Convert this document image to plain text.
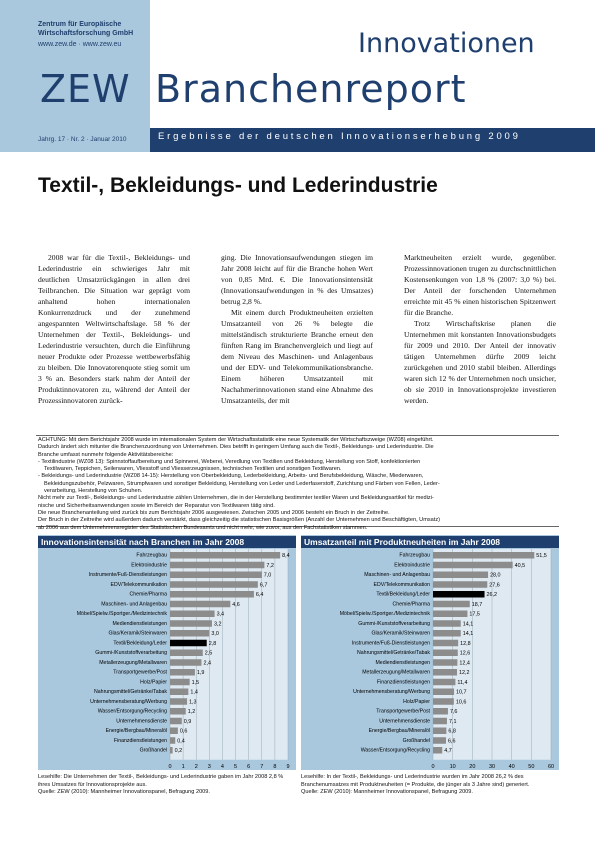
Zentrum für Europäische
Wirtschaftsforschung GmbH
www.zew.de · www.zew.eu
ZEW
Innovationen
Branchenreport
Ergebnisse der deutschen Innovationserhebung 2009
Jahrg. 17 · Nr. 2 · Januar 2010
Textil-, Bekleidungs- und Lederindustrie
2008 war für die Textil-, Bekleidungs- und Lederindustrie ein schwieriges Jahr mit deutlichen Umsatzrückgängen in allen drei Teilbranchen. Die Situation war geprägt vom anhaltend hohen internationalen Konkurrenzdruck und der zunehmend angespannten Weltwirtschaftslage. 58 % der Unternehmen der Textil-, Bekleidungs- und Lederindustrie versuchten, durch die Einführung neuer Produkte oder Prozesse wettbewerbsfähig zu bleiben. Die Innovatorenquote stieg somit um 3 % an. Besonders stark nahm der Anteil der Produktinnovatoren zu, während der Anteil der Prozessinnovatoren zurück-

ging. Die Innovationsaufwendungen stiegen im Jahr 2008 leicht auf für die Branche hohen Wert von 0,85 Mrd. €. Die Innovationsintensität (Innovationsaufwendungen in % des Umsatzes) betrug 2,8 %.

Mit einem durch Produktneuheiten erzielten Umsatzanteil von 26 % belegte die mittelständisch strukturierte Branche erneut den fünften Rang im Branchenvergleich und liegt auf dem Niveau des Maschinen- und Anlagenbaus und der EDV- und Telekommunikationsbranche. Einem höheren Umsatzanteil mit Nachahmerinnovationen stand eine Abnahme des Umsatzanteils, der mit

Marktneuheiten erzielt wurde, gegenüber. Prozessinnovationen trugen zu durchschnittlichen Kostensenkungen von 1,8 % (2007: 3,0 %) bei. Der Anteil der forschenden Unternehmen erreichte mit 45 % einen historischen Spitzenwert für die Branche.

Trotz Wirtschaftskrise planen die Unternehmen mit konstanten Innovationsbudgets für 2009 und 2010. Der Anteil der innovativ tätigen Unternehmen dürfte 2009 leicht zurückgehen und 2010 stabil bleiben. Allerdings waren sich 12 % der Unternehmen noch unsicher, ob sie 2010 in Innovationsprojekte investieren werden.

ACHTUNG: Mit dem Berichtsjahr 2008 wurde im internationalen System der Wirtschaftsstatistik eine neue Systematik der Wirtschaftszweige (WZ08) eingeführt.
Dadurch ändert sich mitunter die Branchenzuordnung von Unternehmen. Dies betrifft in geringem Umfang auch die Textil-, Bekleidungs- und Lederindustrie. Die
Branche umfasst nunmehr folgende Aktivitätsbereiche:
- Textilindustrie (WZ08 13): Spinnstoffaufbereitung und Spinnerei, Weberei, Veredlung von Textilien und Bekleidung, Herstellung von Stoff, konfektionierten
Textilwaren, Teppichen, Seilerwaren, Vliesstoff und Vliesserzeugnissen, technischen Textilien und sonstigen Textilwaren.
- Bekleidungs- und Lederindustrie (WZ08 14-15): Herstellung von Oberbekleidung, Lederbekleidung, Arbeits- und Berufsbekleidung, Wäsche, Miederwaren,
Bekleidungszubehör, Pelzwaren, Strumpfwaren und sonstiger Bekleidung, Herstellung von Leder und Lederfaserstoff, Zurichtung und Färben von Fellen, Leder-
verarbeitung, Herstellung von Schuhen.
Nicht mehr zur Textil-, Bekleidungs- und Lederindustrie zählen Unternehmen, die in der Herstellung bestimmter textiler Waren und Bekleidungsartikel für medizi-
nische und Sicherheitsanwendungen sowie im Bereich der Reparatur von Textilwaren tätig sind.
Die neue Branchenanteilung wird zurück bis zum Berichtsjahr 2006 ausgewiesen. Zwischen 2005 und 2006 besteht ein Bruch in der Zeitreihe.
Der Bruch in der Zeitreihe wird außerdem dadurch verstärkt, dass gleichzeitig die statistischen Basisgrößen (Anzahl der Unternehmen und Beschäftigten, Umsatz)
ab 2006 aus dem Unternehmensregister des Statistischen Bundesamts und nicht mehr, wie zuvor, aus den Fachstatistiken stammen.
0 1 2 3 4 5 6 7 8 9
Fahrzeugbau	8,4
Elektroindustrie	7,2
Instrumente/Fuß-Dienstleistungen	7,0
EDV/Telekommunikation	6,7
Chemie/Pharma	6,4
Maschinen- und Anlagenbau	4,6
Möbel/Spielw./Sportger./Medizintechnik	3,4
Mediendienstleistungen	3,2
Glas/Keramik/Steinwaren	3,0
Textil/Bekleidung/Leder	2,8
Gummi-/Kunststoffverarbeitung	2,5
Metallerzeugung/Metallwaren	2,4
Transportgewerbe/Post	1,9
Holz/Papier	1,5
Nahrungsmittel/Getränke/Tabak	1,4
Unternehmensberatung/Werbung	1,3
Wasser/Entsorgung/Recycling	1,2
Unternehmensdienste	0,9
Energie/Bergbau/Mineralöl 0,6
Finanzdienstleistungen 0,4
Großhandel 0,2
0	10 20 30 40 50 60
Fahrzeugbau	51,5
Elektroindustrie	40,5
Maschinen- und Anlagenbau	28,0
EDV/Telekommunikation	27,6
Textil/Bekleidung/Leder	26,2
Chemie/Pharma	18,7
Möbel/Spielw./Sportger./Medizintechnik	17,5
Gummi-/Kunststoffverarbeitung	14,1
Glas/Keramik/Steinwaren	14,1
Instrumente/Fuß-Dienstleistungen	12,8
Nahrungsmittel/Getränke/Tabak	12,6
Mediendienstleistungen	12,4
Metallerzeugung/Metallwaren	12,2
Finanzdienstleistungen	11,4
Unternehmensberatung/Werbung	10,7
Holz/Papier	10,6
Transportgewerbe/Post	7,6
Unternehmensdienste	7,1
Energie/Bergbau/Mineralöl	6,8
Großhandel	6,6
Wasser/Entsorgung/Recycling	4,7
Innovationsintensität nach Branchen im Jahr 2008	Umsatzanteil mit Produktneuheiten im Jahr 2008
Lesehilfe: Die Unternehmen der Textil-, Bekleidungs- und Lederindustrie gaben im Jahr 2008 2,8 % ihres Umsatzes für Innovationsprojekte aus.
Quelle: ZEW (2010): Mannheimer Innovationspanel, Befragung 2009.
Lesehilfe: In der Textil-, Bekleidungs- und Lederindustrie wurden im Jahr 2008 26,2 % des Branchenumsatzes mit Produktneuheiten (= Produkte, die jünger als 3 Jahre sind) generiert.
Quelle: ZEW (2010): Mannheimer Innovationspanel, Befragung 2009.
